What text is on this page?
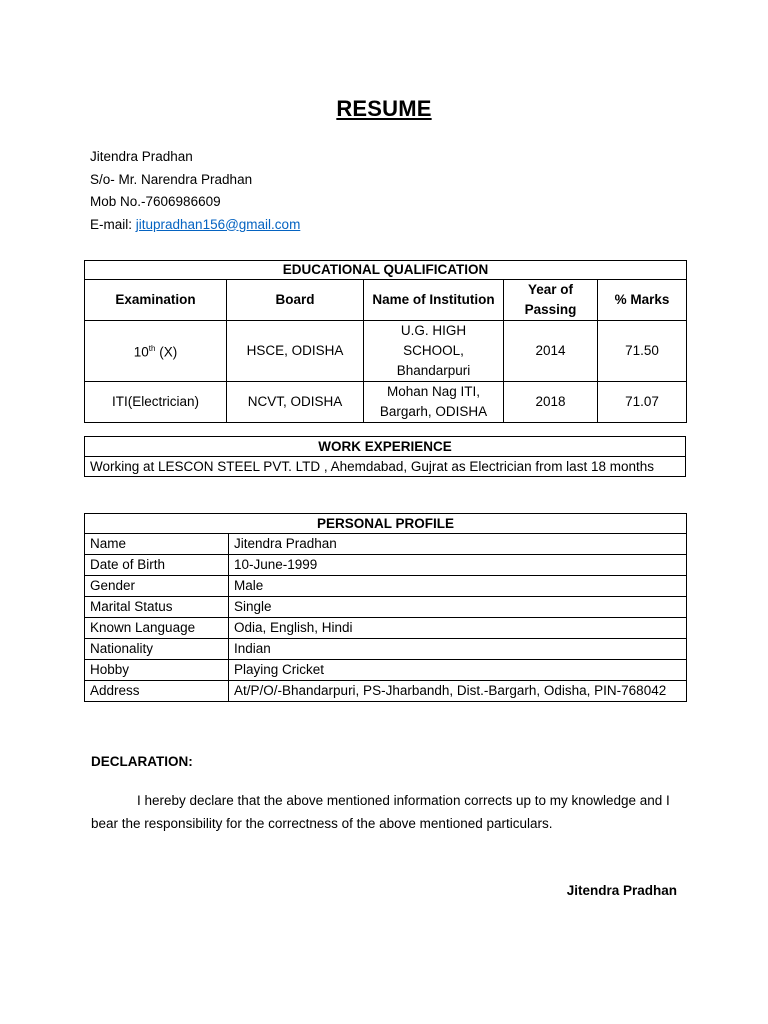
RESUME
Jitendra Pradhan
S/o- Mr. Narendra Pradhan
Mob No.-7606986609
E-mail: jitupradhan156@gmail.com
EDUCATIONAL QUALIFICATION				
Examination	Board	Name of Institution	Year of Passing	% Marks
10th (X)	HSCE, ODISHA	U.G. HIGH SCHOOL, Bhandarpuri	2014	71.50
ITI(Electrician)	NCVT, ODISHA	Mohan Nag ITI, Bargarh, ODISHA	2018	71.07
WORK EXPERIENCE
Working at LESCON STEEL PVT. LTD , Ahemdabad, Gujrat as Electrician from last 18 months
PERSONAL PROFILE	
Name	Jitendra Pradhan
Date of Birth	10-June-1999
Gender	Male
Marital Status	Single
Known Language	Odia, English, Hindi
Nationality	Indian
Hobby	Playing Cricket
Address	At/P/O/-Bhandarpuri, PS-Jharbandh, Dist.-Bargarh, Odisha, PIN-768042
DECLARATION:
I hereby declare that the above mentioned information corrects up to my knowledge and I bear the responsibility for the correctness of the above mentioned particulars.
Jitendra Pradhan
